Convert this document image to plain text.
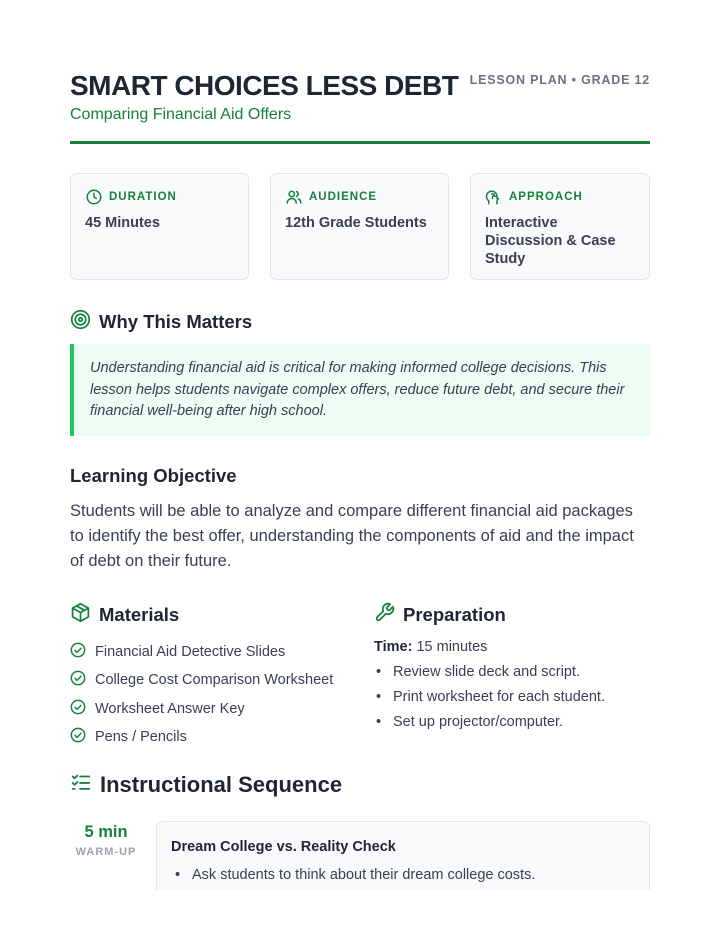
SMART CHOICES LESS DEBT
Comparing Financial Aid Offers
LESSON PLAN • GRADE 12
DURATION
45 Minutes
AUDIENCE
12th Grade Students
APPROACH
Interactive Discussion & Case Study
Why This Matters
Understanding financial aid is critical for making informed college decisions. This lesson helps students navigate complex offers, reduce future debt, and secure their financial well-being after high school.
Learning Objective
Students will be able to analyze and compare different financial aid packages to identify the best offer, understanding the components of aid and the impact of debt on their future.
Materials
Financial Aid Detective Slides
College Cost Comparison Worksheet
Worksheet Answer Key
Pens / Pencils
Preparation
Time: 15 minutes
• Review slide deck and script.
• Print worksheet for each student.
• Set up projector/computer.
Instructional Sequence
5 min
WARM-UP	Dream College vs. Reality Check
• Ask students to think about their dream college costs.
